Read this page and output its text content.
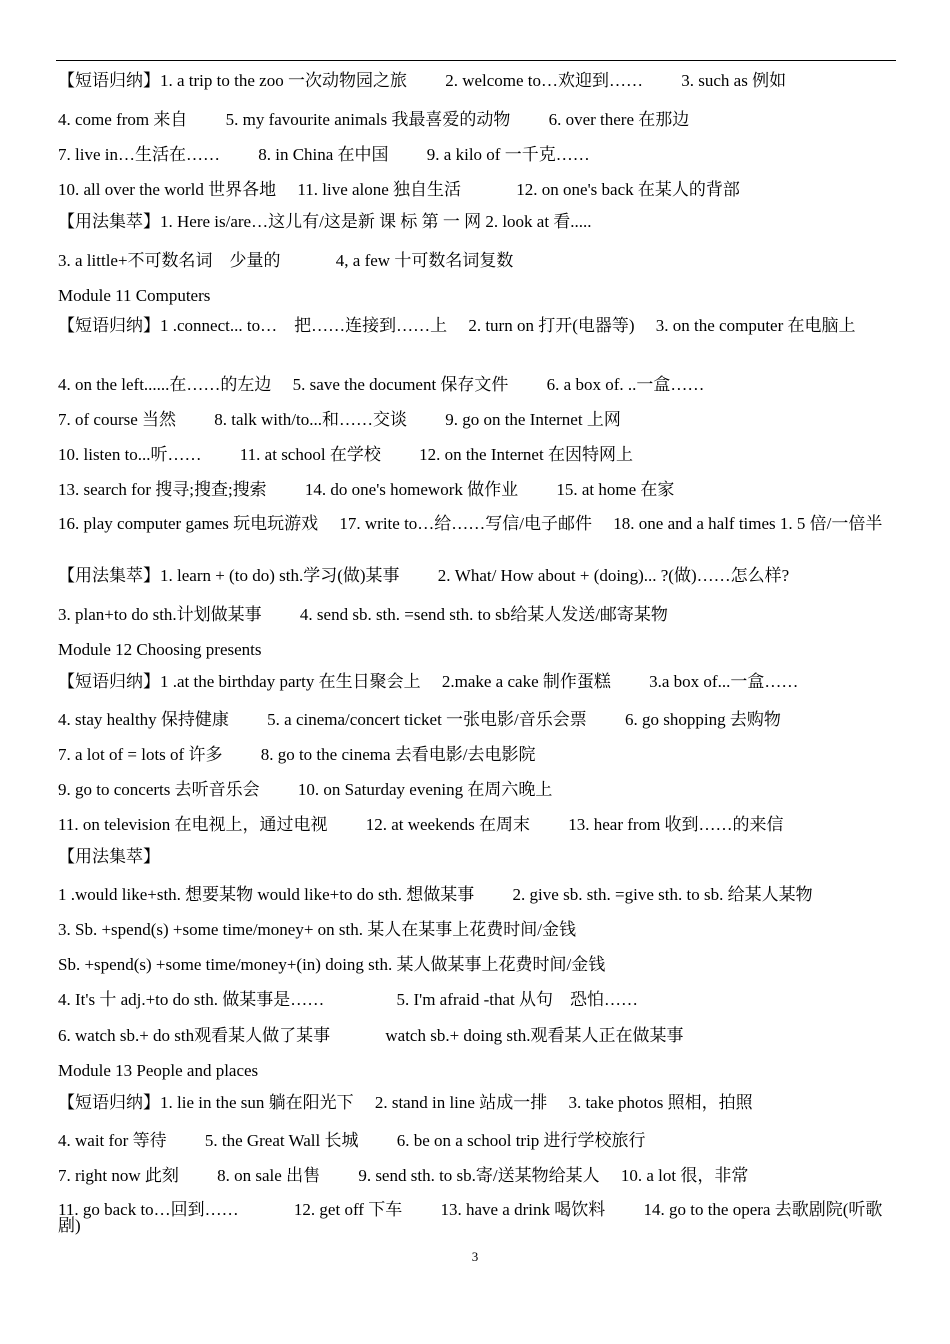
【短语归纳】1. a trip to the zoo 一次动物园之旅 　　2. welcome to…欢迎到…… 　　3. such as 例如
4. come from 来自 　　5. my favourite animals 我最喜爱的动物 　　6. over there 在那边
7. live in…生活在…… 　　8. in China 在中国 　　9. a kilo of 一千克……
10. all over the world 世界各地 　11. live alone 独自生活 　　　12. on one's back 在某人的背部
【用法集萃】1. Here is/are…这儿有/这是新 课 标 第 一 网 2. look at 看.....
3. a little+不可数名词　少量的 　　　4, a few 十可数名词复数
Module 11 Computers
【短语归纳】1 .connect... to…　把……连接到……上 　2. turn on 打开(电器等) 　3. on the computer 在电脑上
4. on the left......在……的左边 　5. save the document 保存文件 　　6. a box of. ..一盒……
7. of course 当然 　　8. talk with/to...和……交谈 　　9. go on the Internet 上网
10. listen to...听…… 　　11. at school 在学校 　　12. on the Internet 在因特网上
13. search for 搜寻;搜查;搜索 　　14. do one's homework 做作业 　　15. at home 在家
16. play computer games 玩电玩游戏 　17. write to…给……写信/电子邮件 　18. one and a half times 1. 5 倍/一倍半
【用法集萃】1. learn + (to do) sth.学习(做)某事 　　2. What/ How about + (doing)... ?(做)……怎么样?
3. plan+to do sth.计划做某事 　　4. send sb. sth. =send sth. to sb给某人发送/邮寄某物
Module 12 Choosing presents
【短语归纳】1 .at the birthday party 在生日聚会上 　2.make a cake 制作蛋糕 　　3.a box of...一盒……
4. stay healthy 保持健康 　　5. a cinema/concert ticket 一张电影/音乐会票 　　6. go shopping 去购物
7. a lot of = lots of 许多 　　8. go to the cinema 去看电影/去电影院
9. go to concerts 去听音乐会 　　10. on Saturday evening 在周六晚上
11. on television 在电视上，通过电视 　　12. at weekends 在周末 　　13. hear from 收到……的来信
【用法集萃】
1 .would like+sth. 想要某物 would like+to do sth. 想做某事 　　2. give sb. sth. =give sth. to sb. 给某人某物
3. Sb. +spend(s) +some time/money+ on sth. 某人在某事上花费时间/金钱
Sb. +spend(s) +some time/money+(in) doing sth. 某人做某事上花费时间/金钱
4. It's 十 adj.+to do sth. 做某事是…… 　　　　5. I'm afraid -that 从句　恐怕……
6. watch sb.+ do sth观看某人做了某事 　　　watch sb.+ doing sth.观看某人正在做某事
Module 13 People and places
【短语归纳】1. lie in the sun 躺在阳光下 　2. stand in line 站成一排 　3. take photos 照相，拍照
4. wait for 等待 　　5. the Great Wall 长城 　　6. be on a school trip 进行学校旅行
7. right now 此刻 　　8. on sale 出售 　　9. send sth. to sb.寄/送某物给某人 　10. a lot 很，非常
11. go back to…回到…… 　　　12. get off 下车 　　13. have a drink 喝饮料 　　14. go to the opera 去歌剧院(听歌剧)
3
